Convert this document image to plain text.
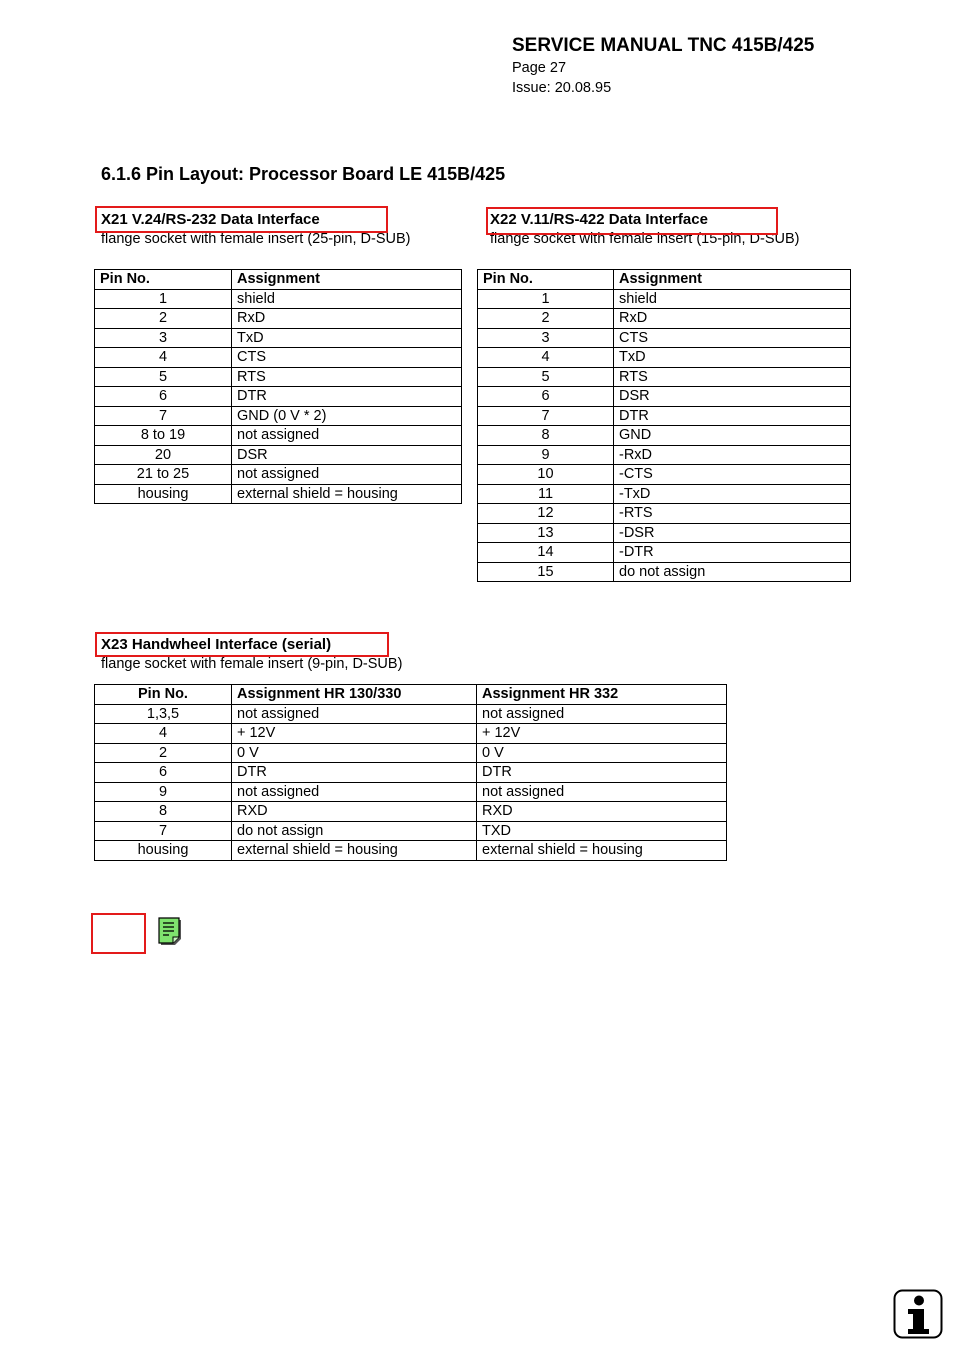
SERVICE MANUAL TNC 415B/425
Page 27
Issue: 20.08.95
6.1.6 Pin Layout: Processor Board LE 415B/425
X21 V.24/RS-232 Data Interface
flange socket with female insert (25-pin, D-SUB)
Pin No.	Assignment
1	shield
2	RxD
3	TxD
4	CTS
5	RTS
6	DTR
7	GND (0 V * 2)
8 to 19	not assigned
20	DSR
21 to 25	not assigned
housing	external shield = housing
X22 V.11/RS-422 Data Interface
flange socket with female insert (15-pin, D-SUB)
Pin No.	Assignment
1	shield
2	RxD
3	CTS
4	TxD
5	RTS
6	DSR
7	DTR
8	GND
9	-RxD
10	-CTS
11	-TxD
12	-RTS
13	-DSR
14	-DTR
15	do not assign
X23 Handwheel Interface (serial)
flange socket with female insert (9-pin, D-SUB)
Pin No.	Assignment HR 130/330	Assignment HR 332
1,3,5	not assigned	not assigned
4	+ 12V	+ 12V
2	0 V	0 V
6	DTR	DTR
9	not assigned	not assigned
8	RXD	RXD
7	do not assign	TXD
housing	external shield = housing	external shield = housing
